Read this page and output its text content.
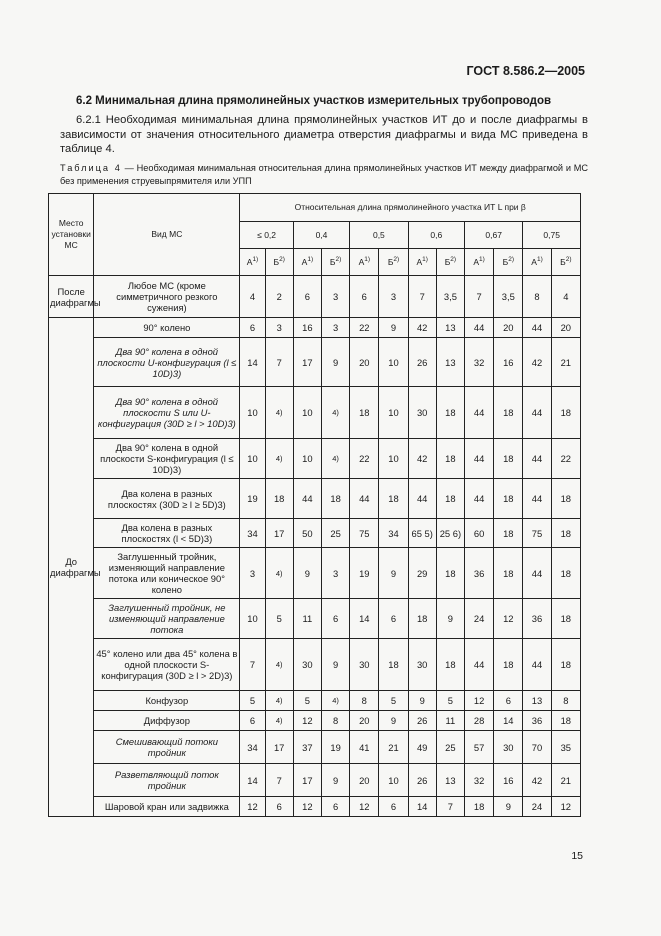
ГОСТ 8.586.2—2005
6.2 Минимальная длина прямолинейных участков измерительных трубопроводов
6.2.1 Необходимая минимальная длина прямолинейных участков ИТ до и после диафрагмы в зависимости от значения относительного диаметра отверстия диафрагмы и вида МС приведена в таблице 4.
Таблица 4 — Необходимая минимальная относительная длина прямолинейных участков ИТ между диафрагмой и МС без применения струевыпрямителя или УПП
Место установки МС	Вид МС	Относительная длина прямолинейного участка ИТ L при β											
		≤ 0,2		0,4		0,5		0,6		0,67		0,75	
		$А^{1)}$	$Б^{2)}$	$А^{1)}$	$Б^{2)}$	$А^{1)}$	$Б^{2)}$	$А^{1)}$	$Б^{2)}$	$А^{1)}$	$Б^{2)}$	$А^{1)}$	$Б^{2)}$
После диафрагмы	Любое МС (кроме симметричного резкого сужения)	4	2	6	3	6	3	7	3,5	7	3,5	8	4
До диафрагмы	90° колено	6	3	16	3	22	9	42	13	44	20	44	20
	Два 90° колена в одной плоскости U-конфигурация (l ≤ 10D)3)	14	7	17	9	20	10	26	13	32	16	42	21
	Два 90° колена в одной плоскости S или U-конфигурация (30D ≥ l > 10D)3)	10	4)	10	4)	18	10	30	18	44	18	44	18
	Два 90° колена в одной плоскости S-конфигурация (l ≤ 10D)3)	10	4)	10	4)	22	10	42	18	44	18	44	22
	Два колена в разных плоскостях (30D ≥ l ≥ 5D)3)	19	18	44	18	44	18	44	18	44	18	44	18
	Два колена в разных плоскостях (l < 5D)3)	34	17	50	25	75	34	65 5)	25 6)	60	18	75	18
	Заглушенный тройник, изменяющий направление потока или коническое 90° колено	3	4)	9	3	19	9	29	18	36	18	44	18
	Заглушенный тройник, не изменяющий направление потока	10	5	11	6	14	6	18	9	24	12	36	18
	45° колено или два 45° колена в одной плоскости S-конфигурация (30D ≥ l > 2D)3)	7	4)	30	9	30	18	30	18	44	18	44	18
	Конфузор	5	4)	5	4)	8	5	9	5	12	6	13	8
	Диффузор	6	4)	12	8	20	9	26	11	28	14	36	18
	Смешивающий потоки тройник	34	17	37	19	41	21	49	25	57	30	70	35
	Разветвляющий поток тройник	14	7	17	9	20	10	26	13	32	16	42	21
	Шаровой кран или задвижка	12	6	12	6	12	6	14	7	18	9	24	12
15
